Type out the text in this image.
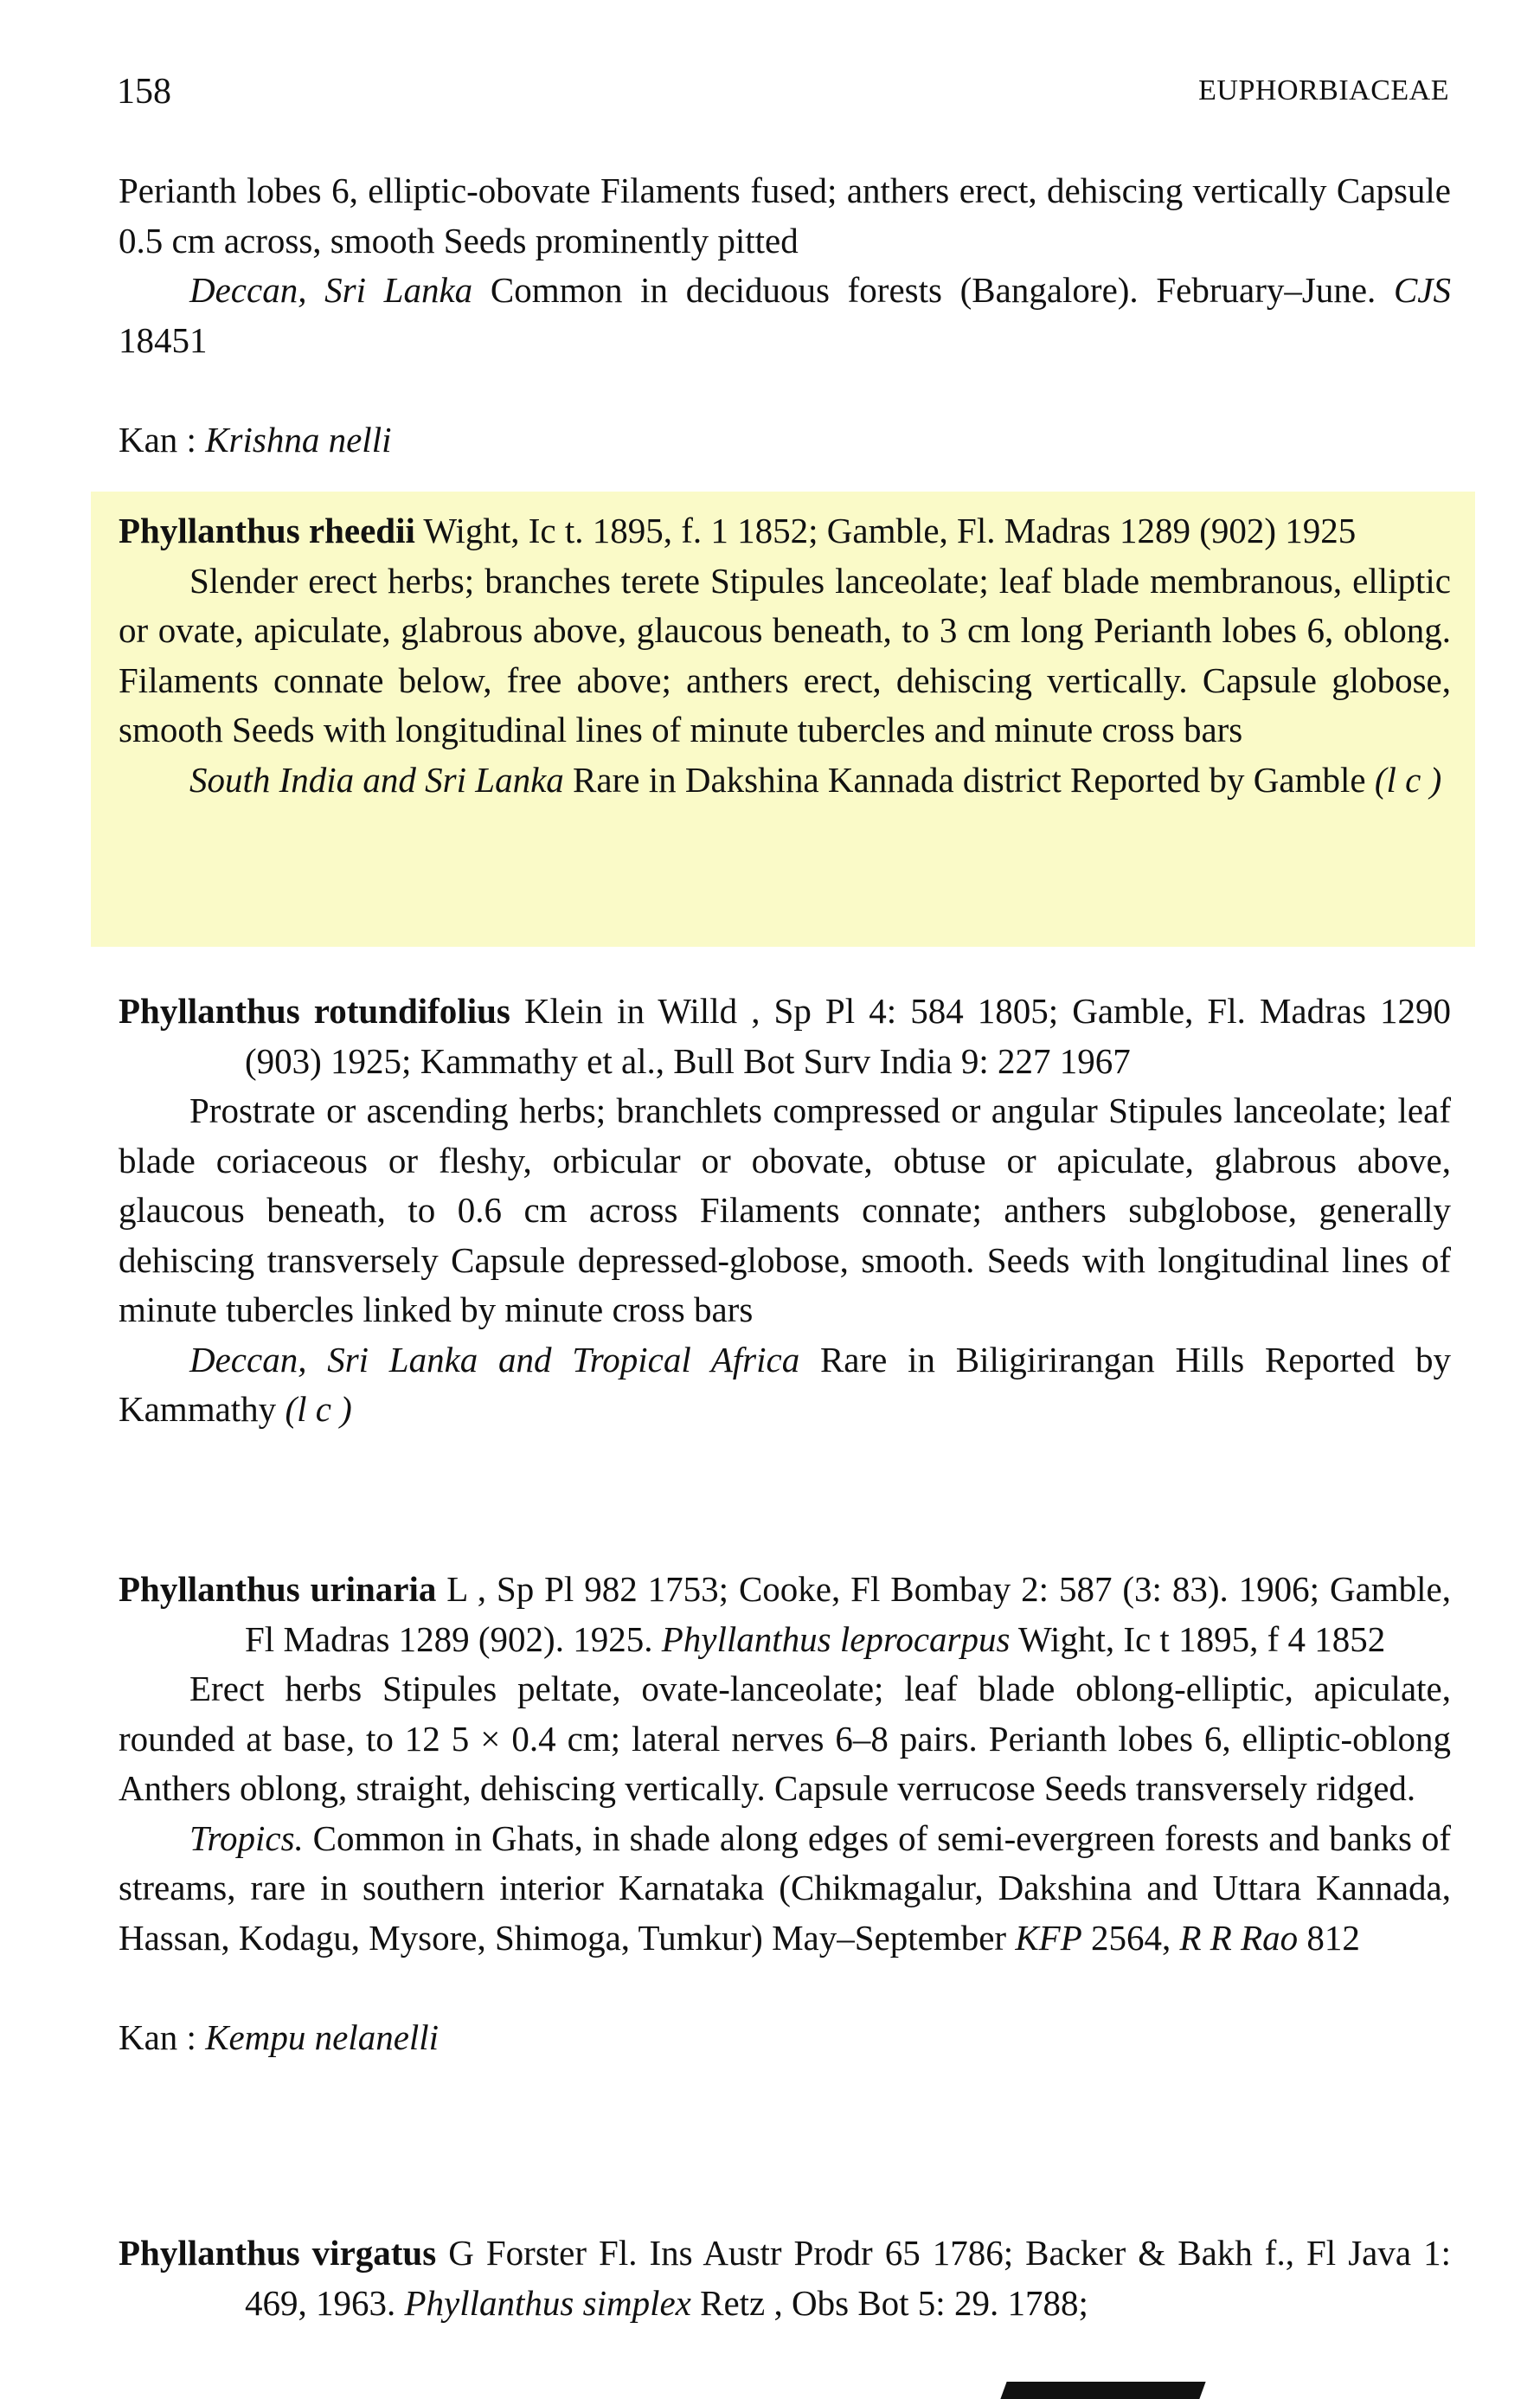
158	EUPHORBIACEAE

Perianth lobes 6, elliptic-obovate Filaments fused; anthers erect, dehiscing vertically Capsule 0.5 cm across, smooth Seeds prominently pitted

Deccan, Sri Lanka Common in deciduous forests (Bangalore). February–June. CJS 18451

Kan : Krishna nelli

Phyllanthus rheedii Wight, Ic t. 1895, f. 1 1852; Gamble, Fl. Madras 1289 (902) 1925

Slender erect herbs; branches terete Stipules lanceolate; leaf blade membranous, elliptic or ovate, apiculate, glabrous above, glaucous beneath, to 3 cm long Perianth lobes 6, oblong. Filaments connate below, free above; anthers erect, dehiscing vertically. Capsule globose, smooth Seeds with longitudinal lines of minute tubercles and minute cross bars

South India and Sri Lanka Rare in Dakshina Kannada district Reported by Gamble (l c )

Phyllanthus rotundifolius Klein in Willd , Sp Pl 4: 584 1805; Gamble, Fl. Madras 1290 (903) 1925; Kammathy et al., Bull Bot Surv India 9: 227 1967

Prostrate or ascending herbs; branchlets compressed or angular Stipules lanceolate; leaf blade coriaceous or fleshy, orbicular or obovate, obtuse or apiculate, glabrous above, glaucous beneath, to 0.6 cm across Filaments connate; anthers subglobose, generally dehiscing transversely Capsule depressed-globose, smooth. Seeds with longitudinal lines of minute tubercles linked by minute cross bars

Deccan, Sri Lanka and Tropical Africa Rare in Biligirirangan Hills Reported by Kammathy (l c )

Phyllanthus urinaria L , Sp Pl 982 1753; Cooke, Fl Bombay 2: 587 (3: 83). 1906; Gamble, Fl Madras 1289 (902). 1925. Phyllanthus leprocarpus Wight, Ic t 1895, f 4 1852

Erect herbs Stipules peltate, ovate-lanceolate; leaf blade oblong-elliptic, apiculate, rounded at base, to 12 5 × 0.4 cm; lateral nerves 6–8 pairs. Perianth lobes 6, elliptic-oblong Anthers oblong, straight, dehiscing vertically. Capsule verrucose Seeds transversely ridged.

Tropics. Common in Ghats, in shade along edges of semi-evergreen forests and banks of streams, rare in southern interior Karnataka (Chikmagalur, Dakshina and Uttara Kannada, Hassan, Kodagu, Mysore, Shimoga, Tumkur) May–September KFP 2564, R R Rao 812

Kan : Kempu nelanelli

Phyllanthus virgatus G Forster Fl. Ins Austr Prodr 65 1786; Backer & Bakh f., Fl Java 1: 469, 1963. Phyllanthus simplex Retz , Obs Bot 5: 29. 1788;
